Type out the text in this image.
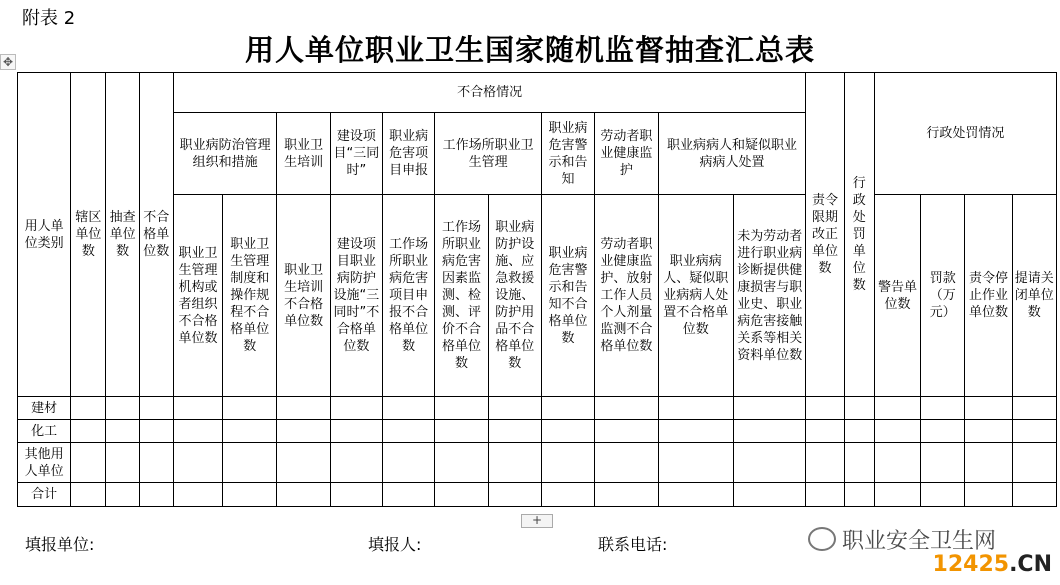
附表 2
用人单位职业卫生国家随机监督抽查汇总表
✥
用人单位类别	辖区单位数	抽查单位数	不合格单位数	不合格情况											责令限期改正单位数	行政处罚单位数	行政处罚情况			
				职业病防治管理组织和措施		职业卫生培训	建设项目“三同时”	职业病危害项目申报	工作场所职业卫生管理		职业病危害警示和告知	劳动者职业健康监护	职业病病人和疑似职业病病人处置							
				职业卫生管理机构或者组织不合格单位数	职业卫生管理制度和操作规程不合格单位数	职业卫生培训不合格单位数	建设项目职业病防护设施“三同时”不合格单位数	工作场所职业病危害项目申报不合格单位数	工作场所职业病危害因素监测、检测、评价不合格单位数	职业病防护设施、应急救援设施、防护用品不合格单位数	职业病危害警示和告知不合格单位数	劳动者职业健康监护、放射工作人员个人剂量监测不合格单位数	职业病病人、疑似职业病病人处置不合格单位数	未为劳动者进行职业病诊断提供健康损害与职业史、职业病危害接触关系等相关资料单位数			警告单位数	罚款（万元）	责令停止作业单位数	提请关闭单位数
建材																				
化工																				
其他用人单位																				
合计																				
+
填报单位:	填报人:	联系电话:	职业安全卫生网
12425.CN
